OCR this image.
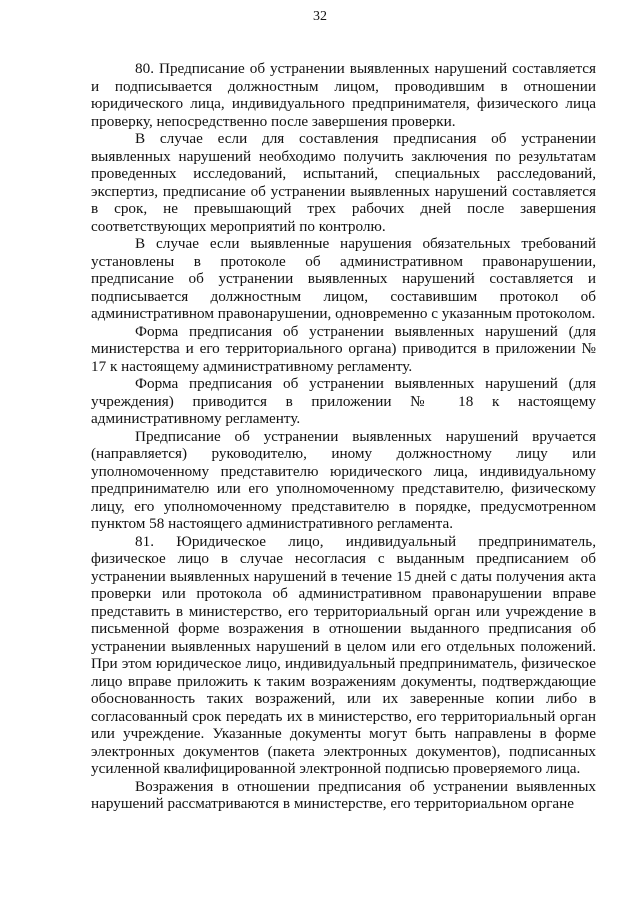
32

80. Предписание об устранении выявленных нарушений составляется и подписывается должностным лицом, проводившим в отношении юридического лица, индивидуального предпринимателя, физического лица проверку, непосредственно после завершения проверки.

В случае если для составления предписания об устранении выявленных нарушений необходимо получить заключения по результатам проведенных исследований, испытаний, специальных расследований, экспертиз, предписание об устранении выявленных нарушений составляется в срок, не превышающий трех рабочих дней после завершения соответствующих мероприятий по контролю.

В случае если выявленные нарушения обязательных требований установлены в протоколе об административном правонарушении, предписание об устранении выявленных нарушений составляется и подписывается должностным лицом, составившим протокол об административном правонарушении, одновременно с указанным протоколом.

Форма предписания об устранении выявленных нарушений (для министерства и его территориального органа) приводится в приложении № 17 к настоящему административному регламенту.

Форма предписания об устранении выявленных нарушений (для учреждения) приводится в приложении № 18 к настоящему административному регламенту.

Предписание об устранении выявленных нарушений вручается (направляется) руководителю, иному должностному лицу или уполномоченному представителю юридического лица, индивидуальному предпринимателю или его уполномоченному представителю, физическому лицу, его уполномоченному представителю в порядке, предусмотренном пунктом 58 настоящего административного регламента.

81. Юридическое лицо, индивидуальный предприниматель, физическое лицо в случае несогласия с выданным предписанием об устранении выявленных нарушений в течение 15 дней с даты получения акта проверки или протокола об административном правонарушении вправе представить в министерство, его территориальный орган или учреждение в письменной форме возражения в отношении выданного предписания об устранении выявленных нарушений в целом или его отдельных положений. При этом юридическое лицо, индивидуальный предприниматель, физическое лицо вправе приложить к таким возражениям документы, подтверждающие обоснованность таких возражений, или их заверенные копии либо в согласованный срок передать их в министерство, его территориальный орган или учреждение. Указанные документы могут быть направлены в форме электронных документов (пакета электронных документов), подписанных усиленной квалифицированной электронной подписью проверяемого лица.

Возражения в отношении предписания об устранении выявленных нарушений рассматриваются в министерстве, его территориальном органе
